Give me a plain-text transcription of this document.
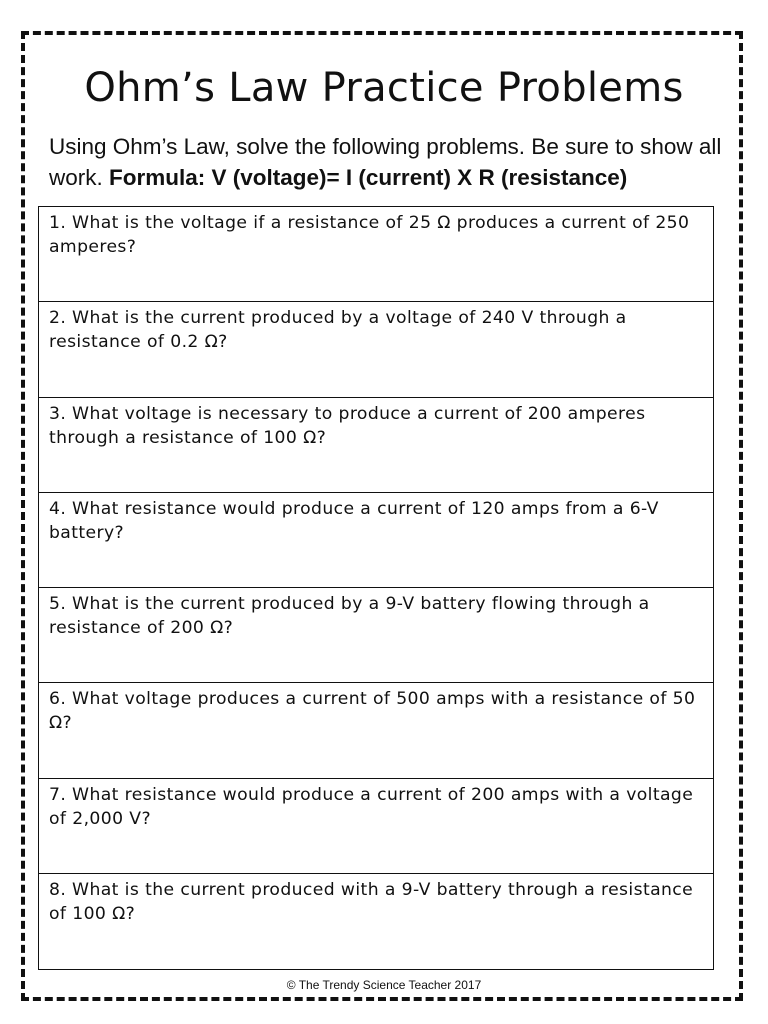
Ohm’s Law Practice Problems
Using Ohm’s Law, solve the following problems. Be sure to show all work. Formula: V (voltage)= I (current) X R (resistance)
1. What is the voltage if a resistance of 25 Ω produces a current of 250 amperes?
2. What is the current produced by a voltage of 240 V through a resistance of 0.2 Ω?
3. What voltage is necessary to produce a current of 200 amperes through a resistance of 100 Ω?
4. What resistance would produce a current of 120 amps from a 6-V battery?
5. What is the current produced by a 9-V battery flowing through a resistance of 200 Ω?
6. What voltage produces a current of 500 amps with a resistance of 50 Ω?
7. What resistance would produce a current of 200 amps with a voltage of 2,000 V?
8. What is the current produced with a 9-V battery through a resistance of 100 Ω?
© The Trendy Science Teacher 2017
